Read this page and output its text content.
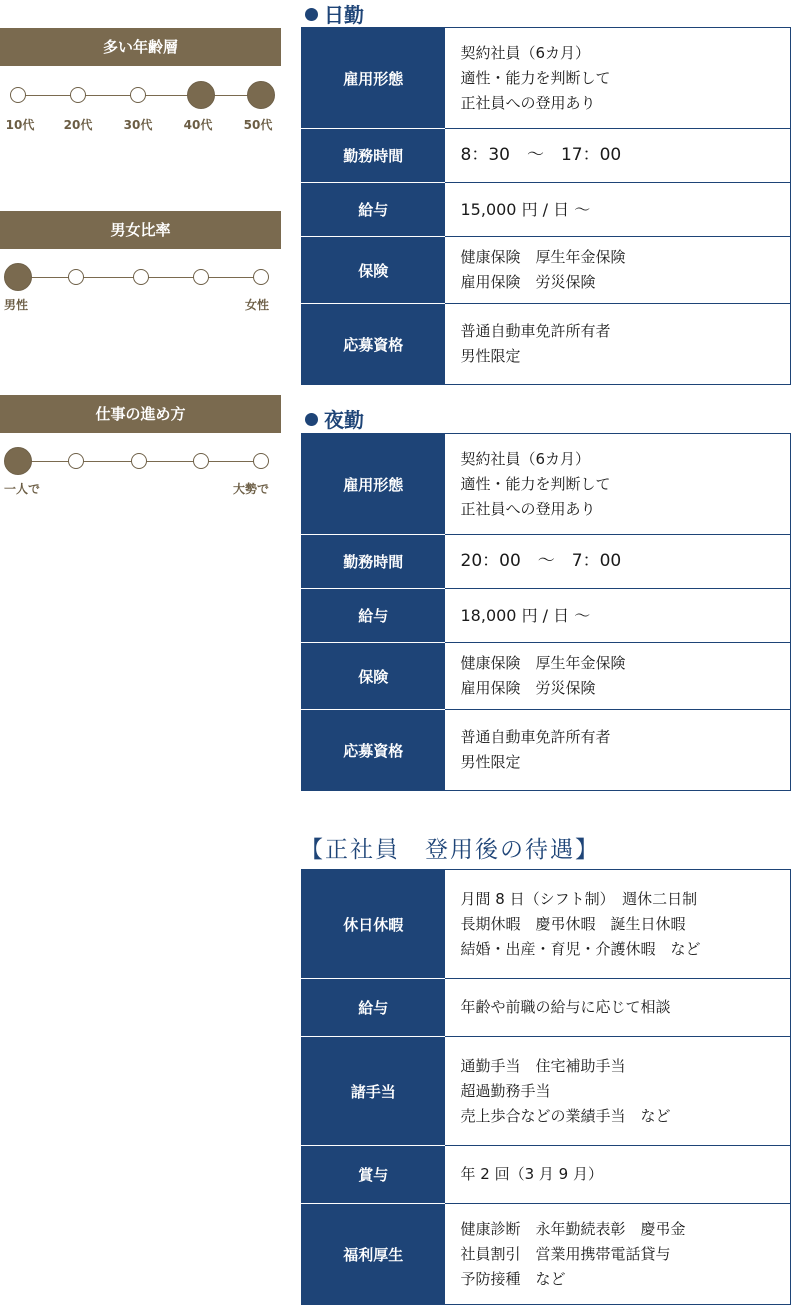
多い年齢層
10代 20代	30代	40代	50代
男女比率
男性	女性
仕事の進め方
一人で	大勢で
日勤
雇用形態	契約社員（6カ月）
適性・能力を判断して
正社員への登用あり
勤務時間	8：30　～　17：00
給与	15,000 円 / 日 ～
保険	健康保険　厚生年金保険
雇用保険　労災保険
応募資格	普通自動車免許所有者
男性限定
夜勤
雇用形態	契約社員（6カ月）
適性・能力を判断して
正社員への登用あり
勤務時間	20：00　～　7：00
給与	18,000 円 / 日 ～
保険	健康保険　厚生年金保険
雇用保険　労災保険
応募資格	普通自動車免許所有者
男性限定
【正社員　登用後の待遇】
休日休暇	月間 8 日（シフト制）　週休二日制
長期休暇　慶弔休暇　誕生日休暇
結婚・出産・育児・介護休暇　など
給与	年齢や前職の給与に応じて相談
諸手当	通勤手当　住宅補助手当
超過勤務手当
売上歩合などの業績手当　など
賞与	年 2 回（3 月 9 月）
福利厚生	健康診断　永年勤続表彰　慶弔金
社員割引　営業用携帯電話貸与
予防接種　など
